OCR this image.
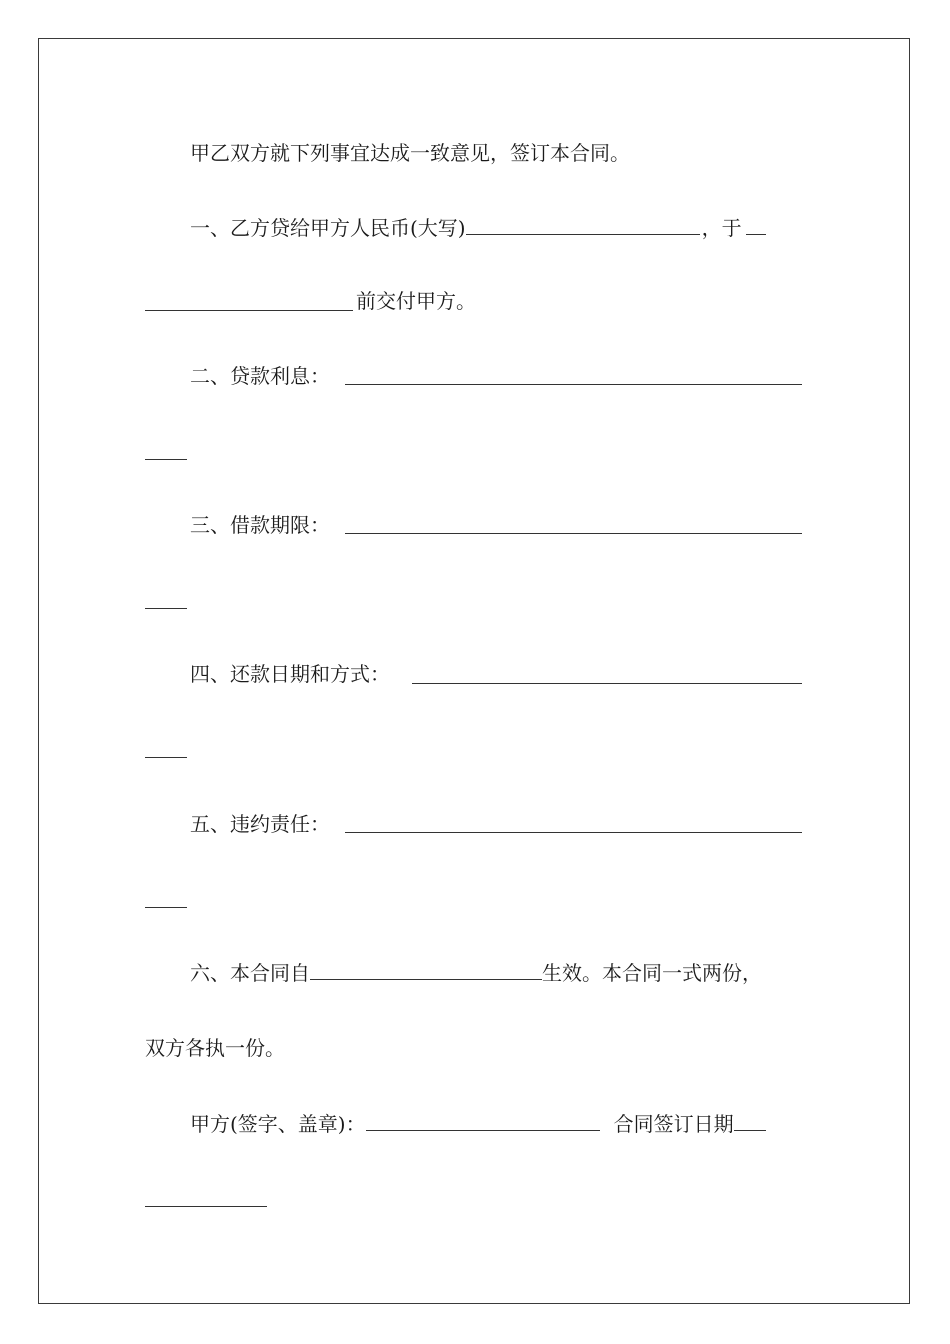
甲乙双方就下列事宜达成一致意见，签订本合同。
一、乙方贷给甲方人民币(大写)	，于
前交付甲方。
二、贷款利息：
三、借款期限：
四、还款日期和方式：
五、违约责任：
六、本合同自	生效。本合同一式两份，
双方各执一份。
甲方(签字、盖章)：	合同签订日期
